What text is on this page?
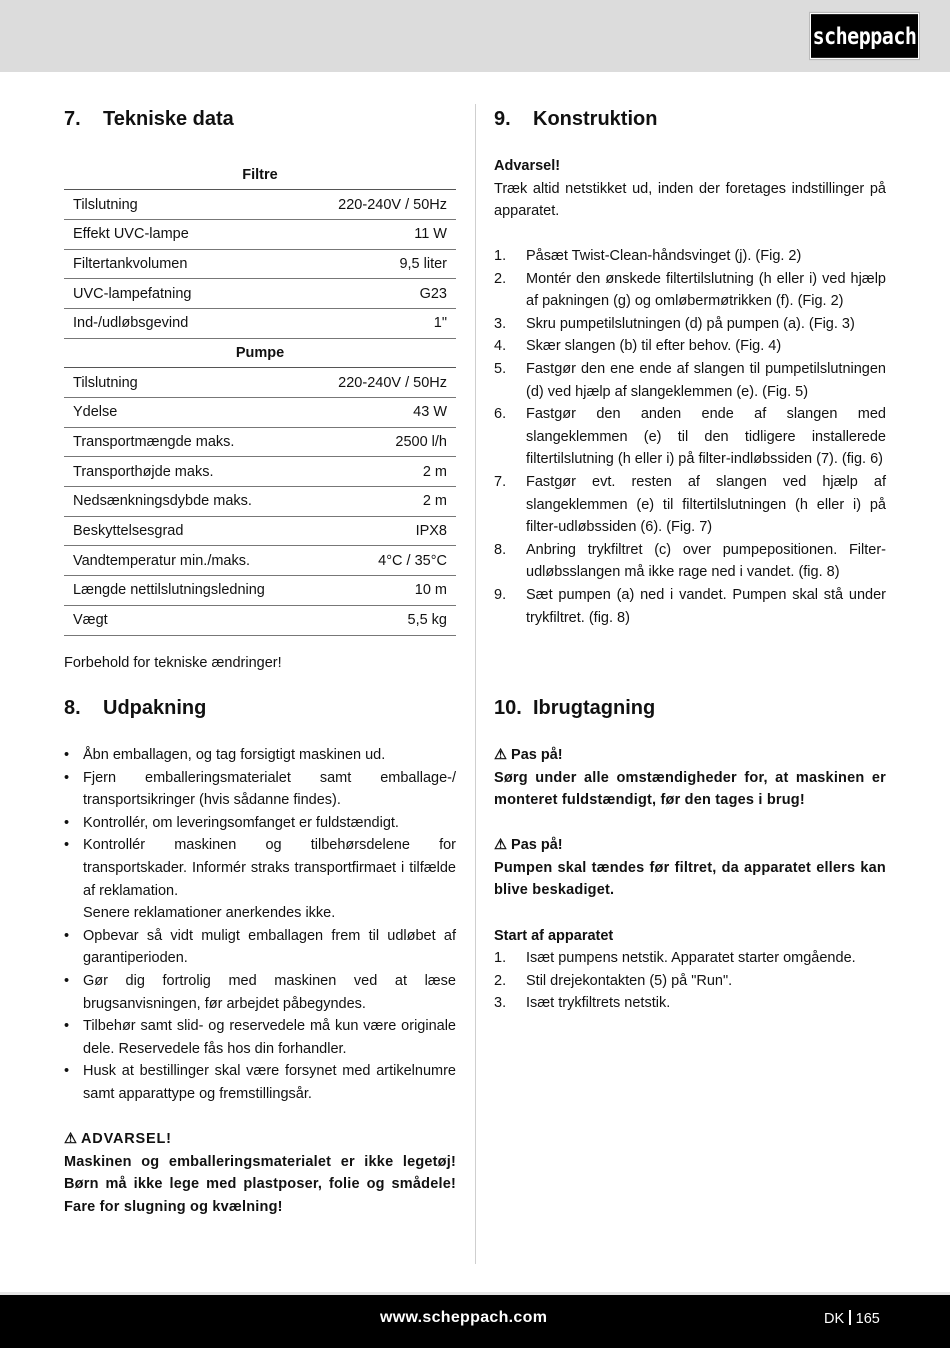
scheppach
7.	Tekniske data
Filtre	
Tilslutning	220-240V / 50Hz
Effekt UVC-lampe	11 W
Filtertankvolumen	9,5 liter
UVC-lampefatning	G23
Ind-/udløbsgevind	1"
Pumpe	
Tilslutning	220-240V / 50Hz
Ydelse	43 W
Transportmængde maks.	2500 l/h
Transporthøjde maks.	2 m
Nedsænkningsdybde maks.	2 m
Beskyttelsesgrad	IPX8
Vandtemperatur min./maks.	4°C / 35°C
Længde nettilslutningsledning	10 m
Vægt	5,5 kg
Forbehold for tekniske ændringer!
8.	Udpakning
• Åbn emballagen, og tag forsigtigt maskinen ud.
• Fjern emballeringsmaterialet samt emballage-/ transportsikringer (hvis sådanne findes).
• Kontrollér, om leveringsomfanget er fuldstændigt.
• Kontrollér maskinen og tilbehørsdelene for transportskader. Informér straks transportfirmaet i tilfælde af reklamation.
Senere reklamationer anerkendes ikke.
• Opbevar så vidt muligt emballagen frem til udløbet af garantiperioden.
• Gør dig fortrolig med maskinen ved at læse brugsanvisningen, før arbejdet påbegyndes.
• Tilbehør samt slid- og reservedele må kun være originale dele. Reservedele fås hos din forhandler.
• Husk at bestillinger skal være forsynet med artikelnumre samt apparattype og fremstillingsår.
⚠ ADVARSEL!
Maskinen og emballeringsmaterialet er ikke legetøj! Børn må ikke lege med plastposer, folie og smådele! Fare for slugning og kvælning!
9.	Konstruktion
Advarsel!
Træk altid netstikket ud, inden der foretages indstillinger på apparatet.
1. Påsæt Twist-Clean-håndsvinget (j). (Fig. 2)
2. Montér den ønskede filtertilslutning (h eller i) ved hjælp af pakningen (g) og omløbermøtrikken (f). (Fig. 2)
3. Skru pumpetilslutningen (d) på pumpen (a). (Fig. 3)
4. Skær slangen (b) til efter behov. (Fig. 4)
5. Fastgør den ene ende af slangen til pumpetilslutningen (d) ved hjælp af slangeklemmen (e). (Fig. 5)
6. Fastgør den anden ende af slangen med slangeklemmen (e) til den tidligere installerede filtertilslutning (h eller i) på filter-indløbssiden (7). (fig. 6)
7. Fastgør evt. resten af slangen ved hjælp af slangeklemmen (e) til filtertilslutningen (h eller i) på filter-udløbssiden (6). (Fig. 7)
8. Anbring trykfiltret (c) over pumpepositionen. Filter-udløbsslangen må ikke rage ned i vandet. (fig. 8)
9. Sæt pumpen (a) ned i vandet. Pumpen skal stå under trykfiltret. (fig. 8)
10. Ibrugtagning
⚠ Pas på!
Sørg under alle omstændigheder for, at maskinen er monteret fuldstændigt, før den tages i brug!
⚠ Pas på!
Pumpen skal tændes før filtret, da apparatet ellers kan blive beskadiget.
Start af apparatet
1. Isæt pumpens netstik. Apparatet starter omgående.
2. Stil drejekontakten (5) på "Run".
3. Isæt trykfiltrets netstik.
www.scheppach.com	DK 165
